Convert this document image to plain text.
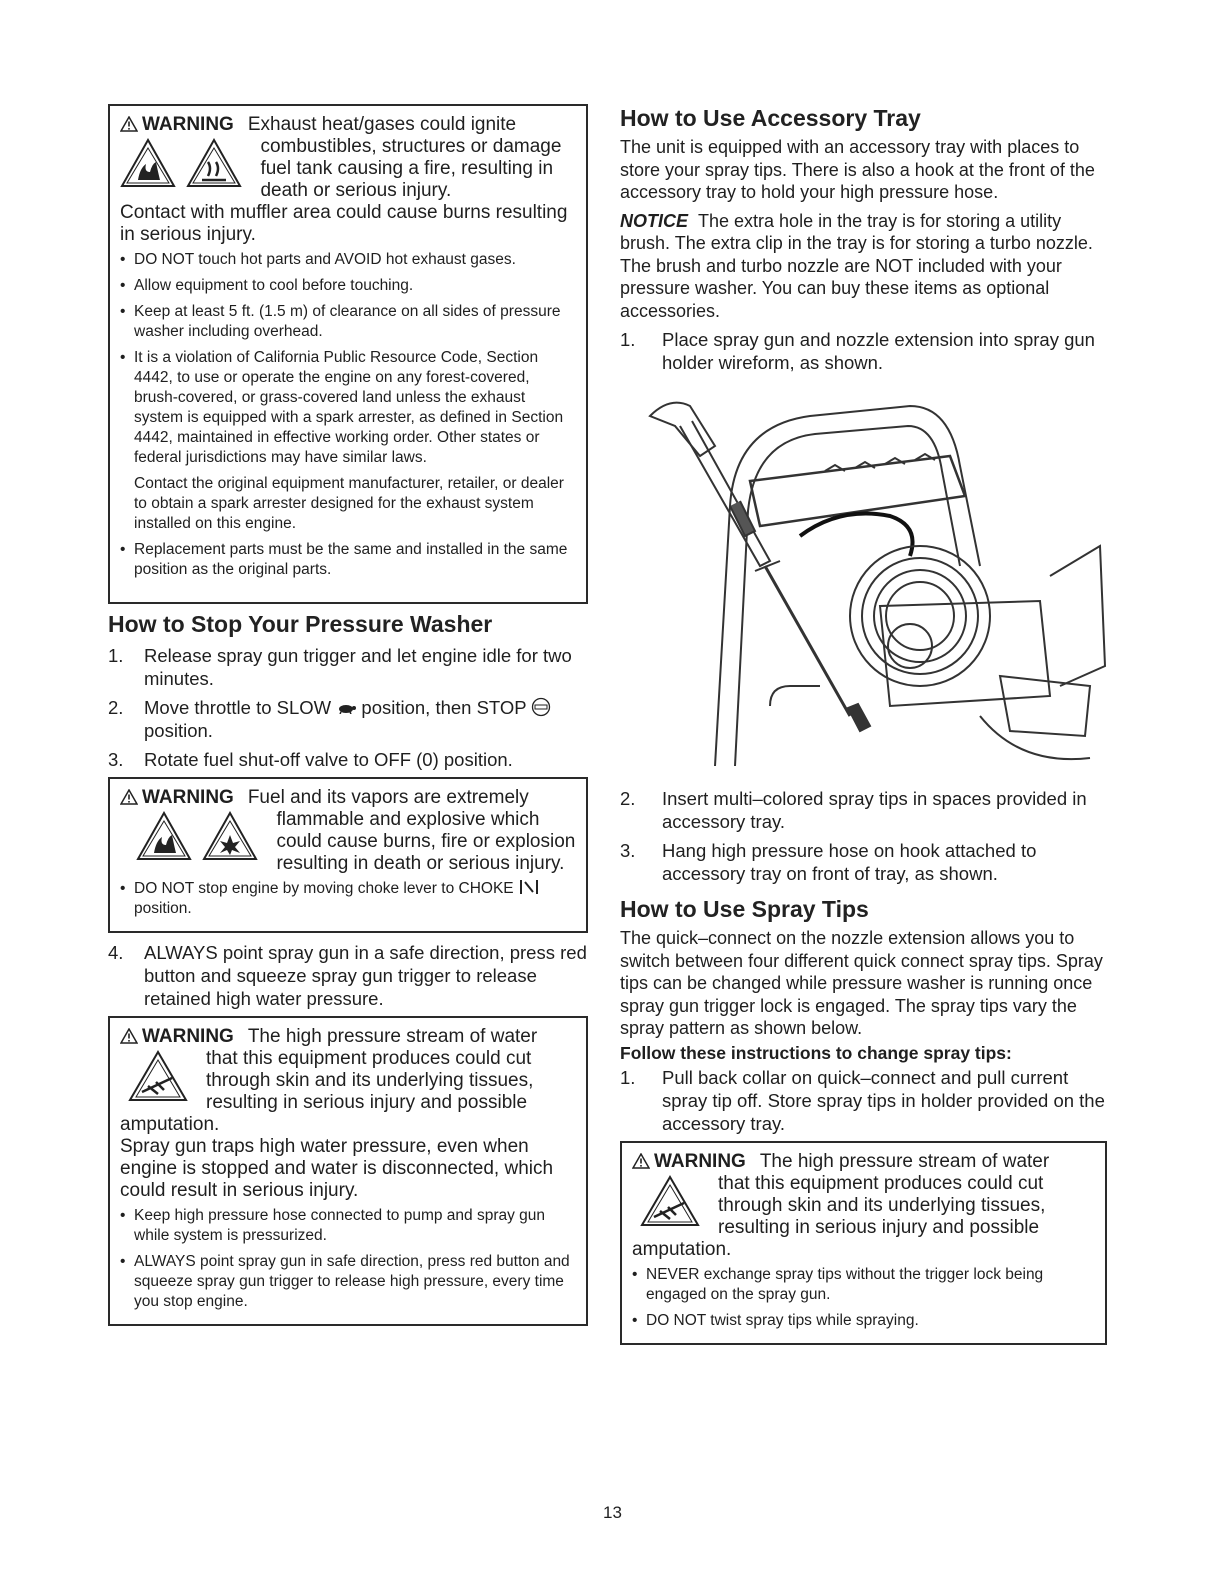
WARNING Exhaust heat/gases could ignite

combustibles, structures or damage fuel tank causing a fire, resulting in death or serious injury.
Contact with muffler area could cause burns resulting in serious injury.
• DO NOT touch hot parts and AVOID hot exhaust gases.
• Allow equipment to cool before touching.
• Keep at least 5 ft. (1.5 m) of clearance on all sides of pressure washer including overhead.
• It is a violation of California Public Resource Code, Section 4442, to use or operate the engine on any forest-covered, brush-covered, or grass-covered land unless the exhaust system is equipped with a spark arrester, as defined in Section 4442, maintained in effective working order. Other states or federal jurisdictions may have similar laws.
Contact the original equipment manufacturer, retailer, or dealer to obtain a spark arrester designed for the exhaust system installed on this engine.
• Replacement parts must be the same and installed in the same position as the original parts.
How to Stop Your Pressure Washer
1. Release spray gun trigger and let engine idle for two minutes.
2. Move throttle to SLOW position, then STOP  position.
3. Rotate fuel shut-off valve to OFF (0) position.
WARNING Fuel and its vapors are extremely

flammable and explosive which could cause burns, fire or explosion resulting in death or serious injury.
• DO NOT stop engine by moving choke lever to CHOKE  position.
4. ALWAYS point spray gun in a safe direction, press red button and squeeze spray gun trigger to release retained high water pressure.
WARNING The high pressure stream of water
that this equipment produces could cut through skin and its underlying tissues, resulting in serious injury and possible amputation.
Spray gun traps high water pressure, even when engine is stopped and water is disconnected, which could result in serious injury.
• Keep high pressure hose connected to pump and spray gun while system is pressurized.
• ALWAYS point spray gun in safe direction, press red button and squeeze spray gun trigger to release high pressure, every time you stop engine.
How to Use Accessory Tray
The unit is equipped with an accessory tray with places to store your spray tips. There is also a hook at the front of the accessory tray to hold your high pressure hose.
NOTICE The extra hole in the tray is for storing a utility brush. The extra clip in the tray is for storing a turbo nozzle. The brush and turbo nozzle are NOT included with your pressure washer. You can buy these items as optional accessories.
1. Place spray gun and nozzle extension into spray gun holder wireform, as shown.
2. Insert multi–colored spray tips in spaces provided in accessory tray.
3. Hang high pressure hose on hook attached to accessory tray on front of tray, as shown.
How to Use Spray Tips
The quick–connect on the nozzle extension allows you to switch between four different quick connect spray tips. Spray tips can be changed while pressure washer is running once spray gun trigger lock is engaged. The spray tips vary the spray pattern as shown below.
Follow these instructions to change spray tips:
1. Pull back collar on quick–connect and pull current spray tip off. Store spray tips in holder provided on the accessory tray.
WARNING The high pressure stream of water
that this equipment produces could cut through skin and its underlying tissues, resulting in serious injury and possible amputation.
• NEVER exchange spray tips without the trigger lock being engaged on the spray gun.
• DO NOT twist spray tips while spraying.
13
